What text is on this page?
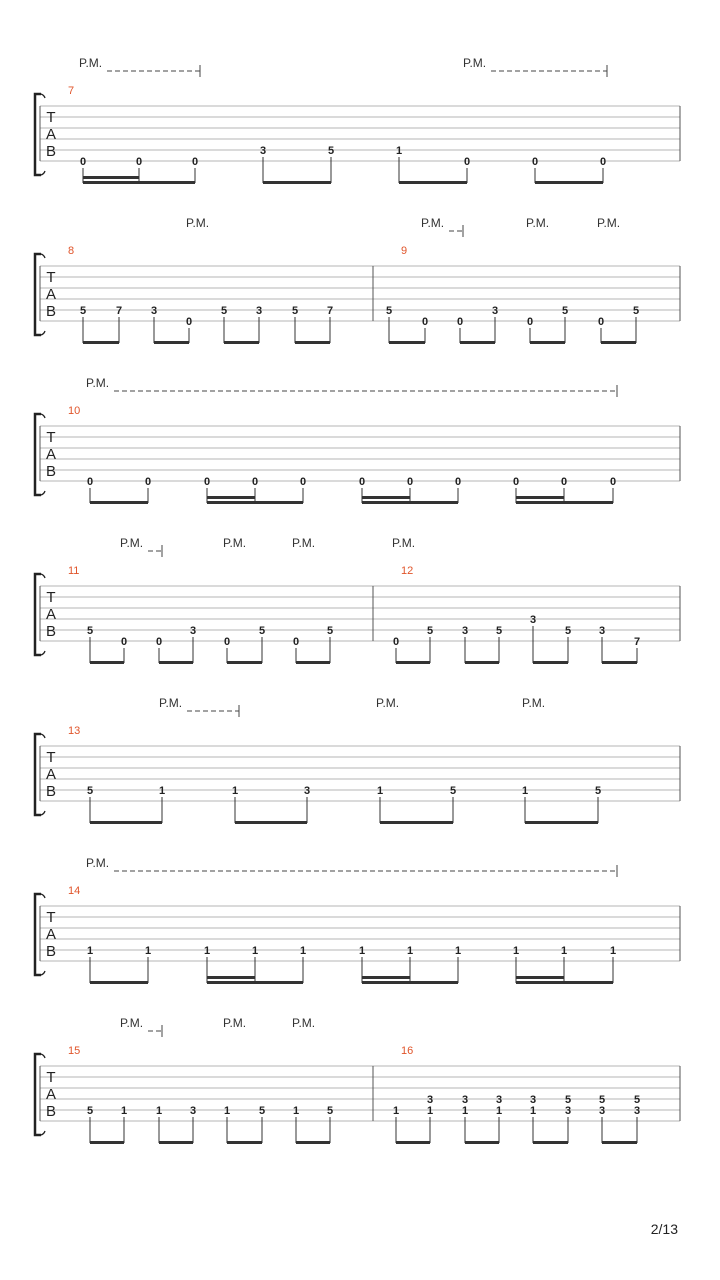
T
A
B
7
0	0	0
3	5	1
0	0	0
P.M.	P.M.
T
A
B
8
5	7	3
0
5	3	5	7
P.M.
9
5
0	0
3
0
5
0
5
P.M.	P.M.	P.M.
T
A
B
10
0	0	0	0	0	0	0	0	0	0	0
P.M.
T
A
B
11
5
0	0
3
0
5
0
5
P.M.	P.M.	P.M.
12
0
5	3	5
3
5	3
7
P.M.
T
A
B
13
5	1	1	3	1	5	1	5
P.M.	P.M.	P.M.
T
A
B
14
1	1	1	1	1	1	1	1	1	1	1
P.M.
T
A
B
15
5	1	1	3	1	5	1	5
P.M.	P.M.	P.M.
16
1	1
3
1
3
1
3
1
3
3
5
3
5
3
5
2/13
